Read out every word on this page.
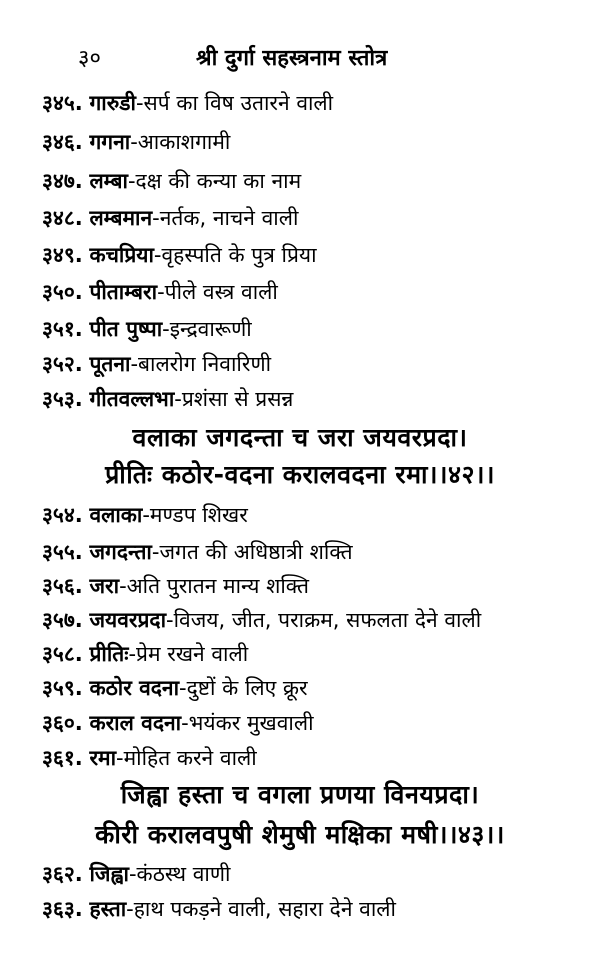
३०	श्री दुर्गा सहस्त्रनाम स्तोत्र
३४५. गारुडी-सर्प का विष उतारने वाली
३४६. गगना-आकाशगामी
३४७. लम्बा-दक्ष की कन्या का नाम
३४८. लम्बमान-नर्तक, नाचने वाली
३४९. कचप्रिया-वृहस्पति के पुत्र प्रिया
३५०. पीताम्बरा-पीले वस्त्र वाली
३५१. पीत पुष्पा-इन्द्रवारूणी
३५२. पूतना-बालरोग निवारिणी
३५३. गीतवल्लभा-प्रशंसा से प्रसन्न
वलाका जगदन्ता च जरा जयवरप्रदा।
प्रीतिः कठोर-वदना करालवदना रमा।।४२।।
३५४. वलाका-मण्डप शिखर
३५५. जगदन्ता-जगत की अधिष्ठात्री शक्ति
३५६. जरा-अति पुरातन मान्य शक्ति
३५७. जयवरप्रदा-विजय, जीत, पराक्रम, सफलता देने वाली
३५८. प्रीतिः-प्रेम रखने वाली
३५९. कठोर वदना-दुष्टों के लिए क्रूर
३६०. कराल वदना-भयंकर मुखवाली
३६१. रमा-मोहित करने वाली
जिह्वा हस्ता च वगला प्रणया विनयप्रदा।
कीरी करालवपुषी शेमुषी मक्षिका मषी।।४३।।
३६२. जिह्वा-कंठस्थ वाणी
३६३. हस्ता-हाथ पकड़ने वाली, सहारा देने वाली
